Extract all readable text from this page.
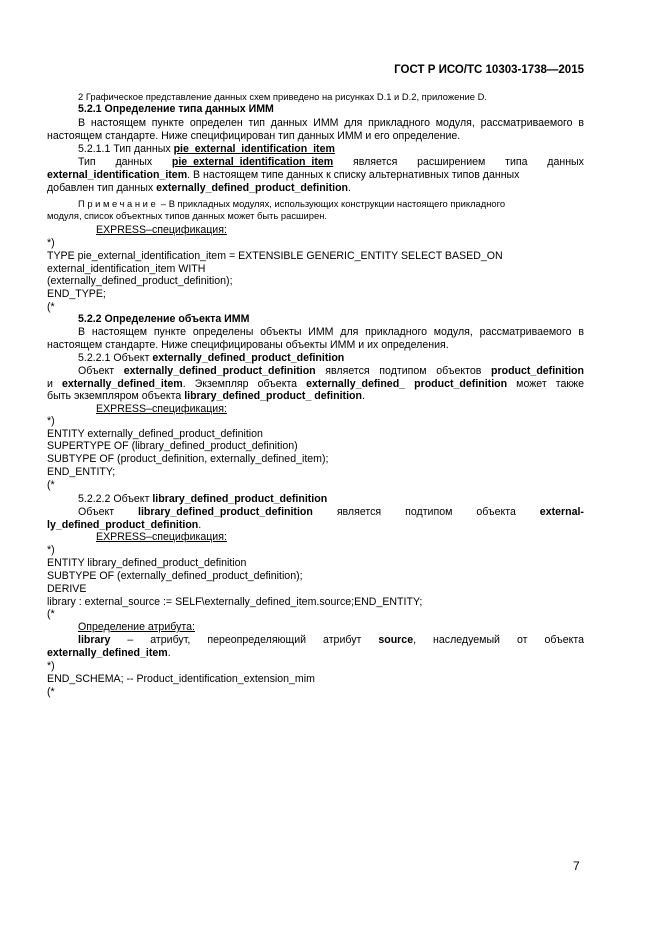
ГОСТ Р ИСО/ТС 10303-1738—2015
2 Графическое представление данных схем приведено на рисунках D.1 и D.2, приложение D.
5.2.1 Определение типа данных ИММ
В настоящем пункте определен тип данных ИММ для прикладного модуля, рассматриваемого в
настоящем стандарте. Ниже специфицирован тип данных ИММ и его определение.
5.2.1.1 Тип данных pie_external_identification_item
Тип данных pie_external_identification_item является расширением типа данных
external_identification_item. В настоящем типе данных к списку альтернативных типов данных
добавлен тип данных externally_defined_product_definition.
Примечание – В прикладных модулях, использующих конструкции настоящего прикладного
модуля, список объектных типов данных может быть расширен.
EXPRESS–спецификация:
*)
TYPE pie_external_identification_item = EXTENSIBLE GENERIC_ENTITY SELECT BASED_ON
external_identification_item WITH
(externally_defined_product_definition);
END_TYPE;
(*
5.2.2 Определение объекта ИММ
В настоящем пункте определены объекты ИММ для прикладного модуля, рассматриваемого в
настоящем стандарте. Ниже специфицированы объекты ИММ и их определения.
5.2.2.1 Объект externally_defined_product_definition
Объект externally_defined_product_definition является подтипом объектов product_definition
и externally_defined_item. Экземпляр объекта externally_defined_ product_definition может также
быть экземпляром объекта library_defined_product_ definition.
EXPRESS–спецификация:
*)
ENTITY externally_defined_product_definition
SUPERTYPE OF (library_defined_product_definition)
SUBTYPE OF (product_definition, externally_defined_item);
END_ENTITY;
(*
5.2.2.2 Объект library_defined_product_definition
Объект library_defined_product_definition является подтипом объекта external-
ly_defined_product_definition.
EXPRESS–спецификация:
*)
ENTITY library_defined_product_definition
SUBTYPE OF (externally_defined_product_definition);
DERIVE
library : external_source := SELF\externally_defined_item.source;END_ENTITY;
(*
Определение атрибута:
library – атрибут, переопределяющий атрибут source, наследуемый от объекта
externally_defined_item.
*)
END_SCHEMA; -- Product_identification_extension_mim
(*
7
